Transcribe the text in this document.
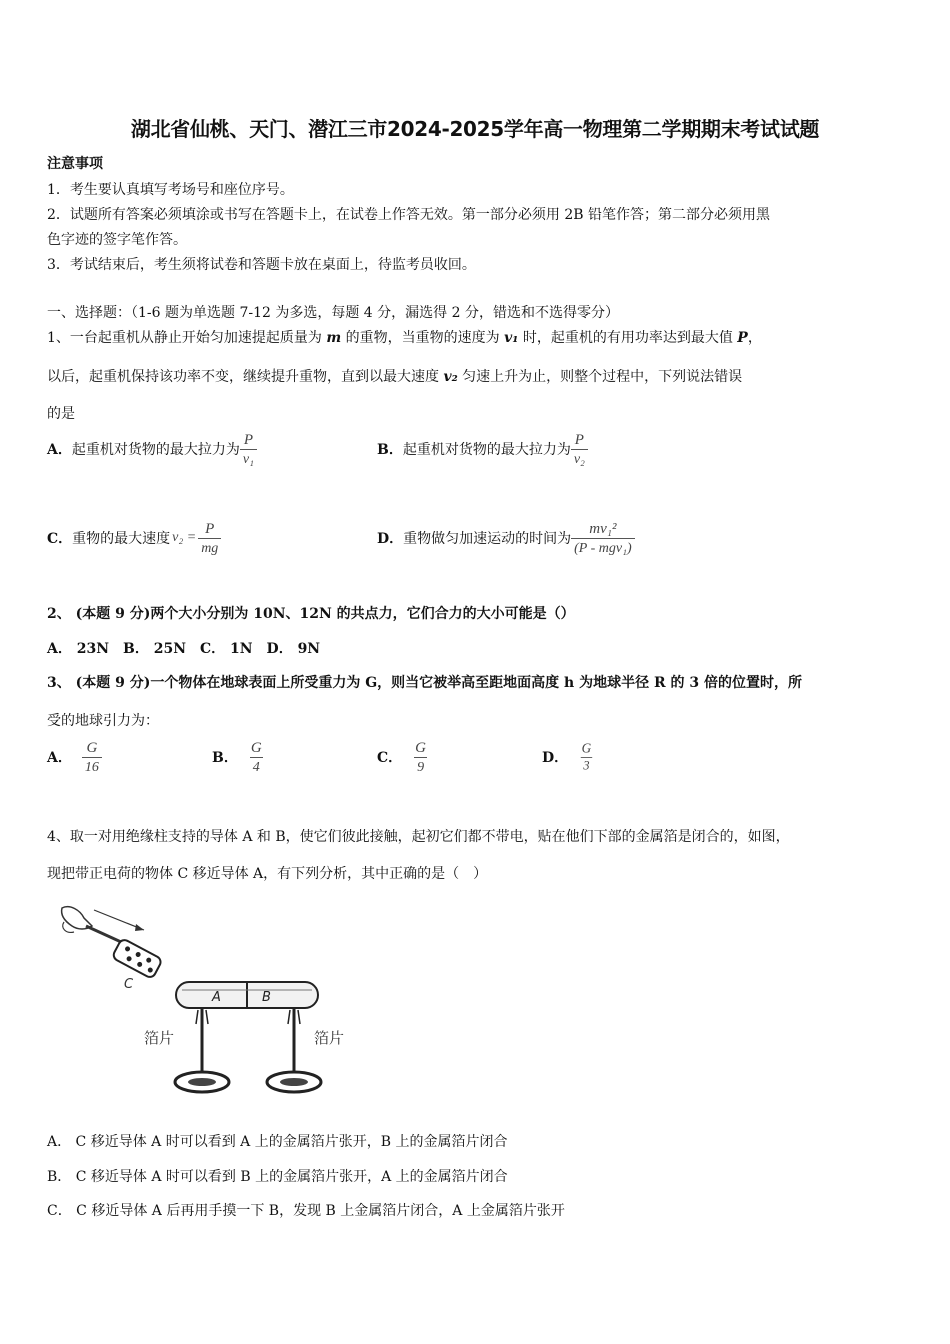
湖北省仙桃、天门、潜江三市2024-2025学年高一物理第二学期期末考试试题
注意事项
1．考生要认真填写考场号和座位序号。
2．试题所有答案必须填涂或书写在答题卡上，在试卷上作答无效。第一部分必须用 2B 铅笔作答；第二部分必须用黑
色字迹的签字笔作答。
3．考试结束后，考生须将试卷和答题卡放在桌面上，待监考员收回。
一、选择题：（1-6 题为单选题 7-12 为多选，每题 4 分，漏选得 2 分，错选和不选得零分）
1、一台起重机从静止开始匀加速提起质量为 m 的重物，当重物的速度为 v₁ 时，起重机的有用功率达到最大值 P，
以后，起重机保持该功率不变，继续提升重物，直到以最大速度 v₂ 匀速上升为止，则整个过程中，下列说法错误
的是
A． 起重机对货物的最大拉力为 $\frac{P}{\text{v₁}}$	B． 起重机对货物的最大拉力为 $\frac{P}{\text{v₂}}$
C． 重物的最大速度 $v_2 = \frac{P}{mg}$	D． 重物做匀加速运动的时间为 $\frac{\text{mv₁²}}{\text{(P - mgv₁)}}$
2、 (本题 9 分)两个大小分别为 10N、12N 的共点力，它们合力的大小可能是（）
A． 23N　B． 25N　C． 1N　D． 9N
3、 (本题 9 分)一个物体在地球表面上所受重力为 G，则当它被举高至距地面高度 h 为地球半径 R 的 3 倍的位置时，所
受的地球引力为：
A． $\frac{G}{16}$	B． $\frac{G}{4}$	C． $\frac{G}{9}$	D． $\frac{G}{3}$
4、取一对用绝缘柱支持的导体 A 和 B，使它们彼此接触，起初它们都不带电，贴在他们下部的金属箔是闭合的，如图，
现把带正电荷的物体 C 移近导体 A，有下列分析，其中正确的是（　）
C
A	B
箔片	箔片
A． C 移近导体 A 时可以看到 A 上的金属箔片张开，B 上的金属箔片闭合
B． C 移近导体 A 时可以看到 B 上的金属箔片张开，A 上的金属箔片闭合
C． C 移近导体 A 后再用手摸一下 B，发现 B 上金属箔片闭合，A 上金属箔片张开
